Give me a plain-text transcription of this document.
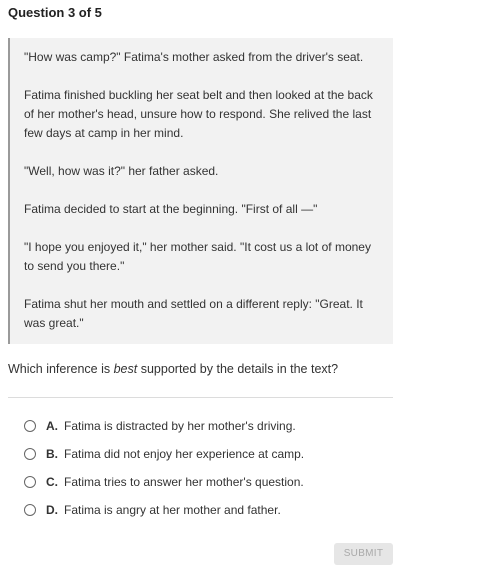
Question 3 of 5

"How was camp?" Fatima's mother asked from the driver's seat.

Fatima finished buckling her seat belt and then looked at the back of her mother's head, unsure how to respond. She relived the last few days at camp in her mind.

"Well, how was it?" her father asked.

Fatima decided to start at the beginning. "First of all —"

"I hope you enjoyed it," her mother said. "It cost us a lot of money to send you there."

Fatima shut her mouth and settled on a different reply: "Great. It was great."

Which inference is best supported by the details in the text?
A. Fatima is distracted by her mother's driving.
B. Fatima did not enjoy her experience at camp.
C. Fatima tries to answer her mother's question.
D. Fatima is angry at her mother and father.
SUBMIT
